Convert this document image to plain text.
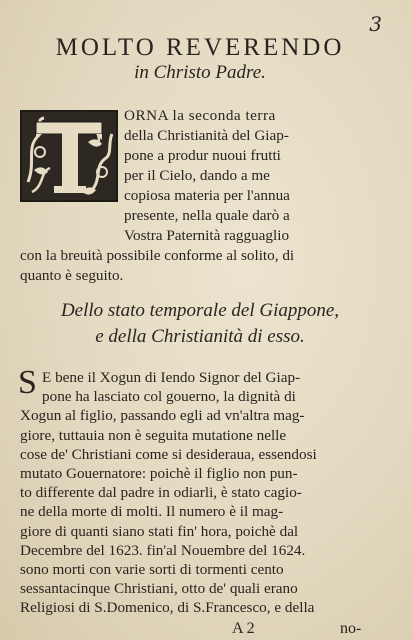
3
MOLTO REVERENDO
in Christo Padre.
ORNA la seconda terra
della Christianità del Giap-
pone a produr nuoui frutti
per il Cielo, dando a me
copiosa materia per l'annua
presente, nella quale darò a
Vostra Paternità ragguaglio
con la breuità possibile conforme al solito, di
quanto è seguito.
Dello stato temporale del Giappone,
e della Christianità di esso.
S E bene il Xogun di Iendo Signor del Giap-
pone ha lasciato col gouerno, la dignità di
Xogun al figlio, passando egli ad vn'altra mag-
giore, tuttauia non è seguita mutatione nelle
cose de' Christiani come si desideraua, essendosi
mutato Gouernatore: poichè il figlio non pun-
to differente dal padre in odiarli, è stato cagio-
ne della morte di molti. Il numero è il mag-
giore di quanti siano stati fin' hora, poichè dal
Decembre del 1623. fin'al Nouembre del 1624.
sono morti con varie sorti di tormenti cento
sessantacinque Christiani, otto de' quali erano
Religiosi di S.Domenico, di S.Francesco, e della
A 2	no-
